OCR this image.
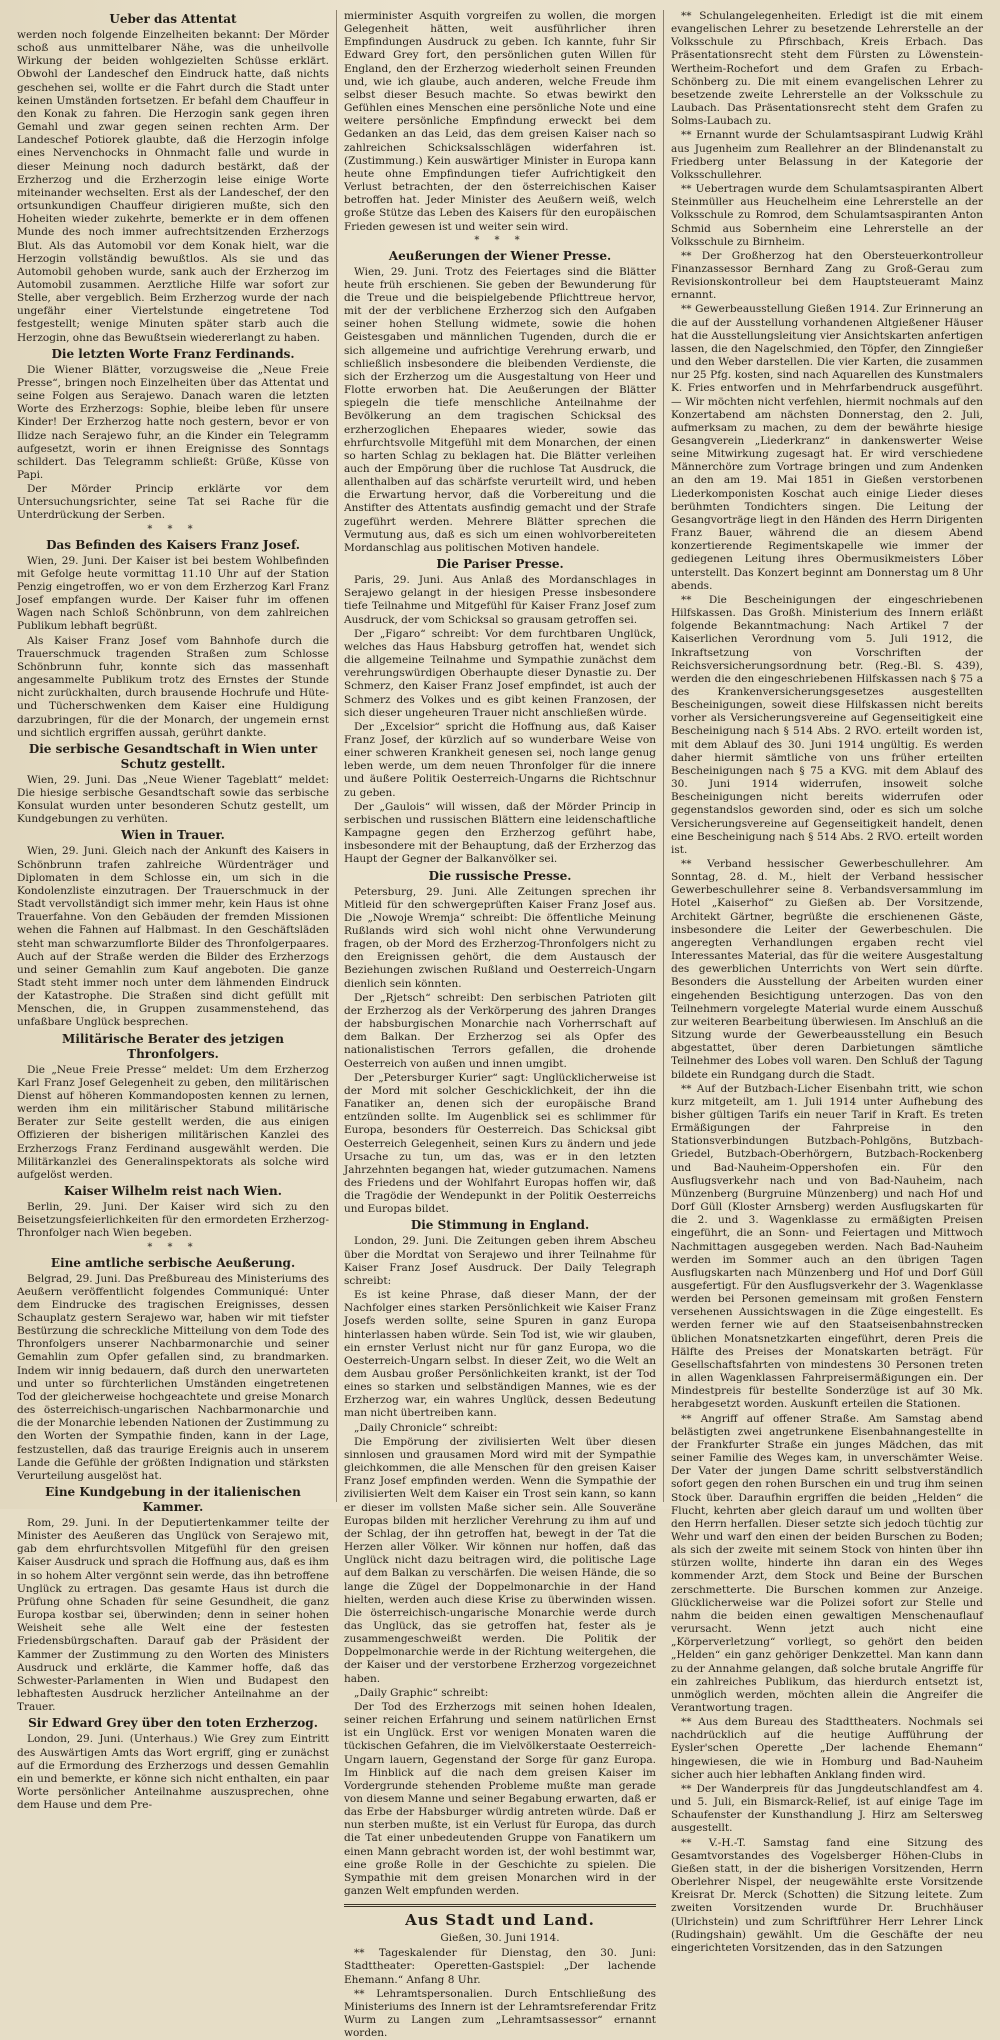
Ueber das Attentat

werden noch folgende Einzelheiten bekannt: Der Mörder schoß aus unmittelbarer Nähe, was die unheilvolle Wirkung der beiden wohlgezielten Schüsse erklärt. Obwohl der Landeschef den Eindruck hatte, daß nichts geschehen sei, wollte er die Fahrt durch die Stadt unter keinen Umständen fortsetzen. Er befahl dem Chauffeur in den Konak zu fahren. Die Herzogin sank gegen ihren Gemahl und zwar gegen seinen rechten Arm. Der Landeschef Potiorek glaubte, daß die Herzogin infolge eines Nervenchocks in Ohnmacht falle und wurde in dieser Meinung noch dadurch bestärkt, daß der Erzherzog und die Erzherzogin leise einige Worte miteinander wechselten. Erst als der Landeschef, der den ortsunkundigen Chauffeur dirigieren mußte, sich den Hoheiten wieder zukehrte, bemerkte er in dem offenen Munde des noch immer aufrechtsitzenden Erzherzogs Blut. Als das Automobil vor dem Konak hielt, war die Herzogin vollständig bewußtlos. Als sie und das Automobil gehoben wurde, sank auch der Erzherzog im Automobil zusammen. Aerztliche Hilfe war sofort zur Stelle, aber vergeblich. Beim Erzherzog wurde der nach ungefähr einer Viertelstunde eingetretene Tod festgestellt; wenige Minuten später starb auch die Herzogin, ohne das Bewußtsein wiedererlangt zu haben.

Die letzten Worte Franz Ferdinands.

Die Wiener Blätter, vorzugsweise die „Neue Freie Presse“, bringen noch Einzelheiten über das Attentat und seine Folgen aus Serajewo. Danach waren die letzten Worte des Erzherzogs: Sophie, bleibe leben für unsere Kinder! Der Erzherzog hatte noch gestern, bevor er von Ilidze nach Serajewo fuhr, an die Kinder ein Telegramm aufgesetzt, worin er ihnen Ereignisse des Sonntags schildert. Das Telegramm schließt: Grüße, Küsse von Papi.

Der Mörder Princip erklärte vor dem Untersuchungsrichter, seine Tat sei Rache für die Unterdrückung der Serben.

* * *
Das Befinden des Kaisers Franz Josef.

Wien, 29. Juni. Der Kaiser ist bei bestem Wohlbefinden mit Gefolge heute vormittag 11.10 Uhr auf der Station Penzig eingetroffen, wo er von dem Erzherzog Karl Franz Josef empfangen wurde. Der Kaiser fuhr im offenen Wagen nach Schloß Schönbrunn, von dem zahlreichen Publikum lebhaft begrüßt.

Als Kaiser Franz Josef vom Bahnhofe durch die Trauerschmuck tragenden Straßen zum Schlosse Schönbrunn fuhr, konnte sich das massenhaft angesammelte Publikum trotz des Ernstes der Stunde nicht zurückhalten, durch brausende Hochrufe und Hüte- und Tücherschwenken dem Kaiser eine Huldigung darzubringen, für die der Monarch, der ungemein ernst und sichtlich ergriffen aussah, gerührt dankte.

Die serbische Gesandtschaft in Wien unter Schutz gestellt.

Wien, 29. Juni. Das „Neue Wiener Tageblatt“ meldet: Die hiesige serbische Gesandtschaft sowie das serbische Konsulat wurden unter besonderen Schutz gestellt, um Kundgebungen zu verhüten.

Wien in Trauer.

Wien, 29. Juni. Gleich nach der Ankunft des Kaisers in Schönbrunn trafen zahlreiche Würdenträger und Diplomaten in dem Schlosse ein, um sich in die Kondolenzliste einzutragen. Der Trauerschmuck in der Stadt vervollständigt sich immer mehr, kein Haus ist ohne Trauerfahne. Von den Gebäuden der fremden Missionen wehen die Fahnen auf Halbmast. In den Geschäftsläden steht man schwarzumflorte Bilder des Thronfolgerpaares. Auch auf der Straße werden die Bilder des Erzherzogs und seiner Gemahlin zum Kauf angeboten. Die ganze Stadt steht immer noch unter dem lähmenden Eindruck der Katastrophe. Die Straßen sind dicht gefüllt mit Menschen, die, in Gruppen zusammenstehend, das unfaßbare Unglück besprechen.

Militärische Berater des jetzigen Thronfolgers.

Die „Neue Freie Presse“ meldet: Um dem Erzherzog Karl Franz Josef Gelegenheit zu geben, den militärischen Dienst auf höheren Kommandoposten kennen zu lernen, werden ihm ein militärischer Stabund militärische Berater zur Seite gestellt werden, die aus einigen Offizieren der bisherigen militärischen Kanzlei des Erzherzogs Franz Ferdinand ausgewählt werden. Die Militärkanzlei des Generalinspektorats als solche wird aufgelöst werden.

Kaiser Wilhelm reist nach Wien.

Berlin, 29. Juni. Der Kaiser wird sich zu den Beisetzungsfeierlichkeiten für den ermordeten Erzherzog-Thronfolger nach Wien begeben.

* * *
Eine amtliche serbische Aeußerung.

Belgrad, 29. Juni. Das Preßbureau des Ministeriums des Aeußern veröffentlicht folgendes Communiqué: Unter dem Eindrucke des tragischen Ereignisses, dessen Schauplatz gestern Serajewo war, haben wir mit tiefster Bestürzung die schreckliche Mitteilung von dem Tode des Thronfolgers unserer Nachbarmonarchie und seiner Gemahlin zum Opfer gefallen sind, zu brandmarken. Indem wir innig bedauern, daß durch den unerwarteten und unter so fürchterlichen Umständen eingetretenen Tod der gleicherweise hochgeachtete und greise Monarch des österreichisch-ungarischen Nachbarmonarchie und die der Monarchie lebenden Nationen der Zustimmung zu den Worten der Sympathie finden, kann in der Lage, festzustellen, daß das traurige Ereignis auch in unserem Lande die Gefühle der größten Indignation und stärksten Verurteilung ausgelöst hat.

Eine Kundgebung in der italienischen Kammer.

Rom, 29. Juni. In der Deputiertenkammer teilte der Minister des Aeußeren das Unglück von Serajewo mit, gab dem ehrfurchtsvollen Mitgefühl für den greisen Kaiser Ausdruck und sprach die Hoffnung aus, daß es ihm in so hohem Alter vergönnt sein werde, das ihn betroffene Unglück zu ertragen. Das gesamte Haus ist durch die Prüfung ohne Schaden für seine Gesundheit, die ganz Europa kostbar sei, überwinden; denn in seiner hohen Weisheit sehe alle Welt eine der festesten Friedensbürgschaften. Darauf gab der Präsident der Kammer der Zustimmung zu den Worten des Ministers Ausdruck und erklärte, die Kammer hoffe, daß das Schwester-Parlamenten in Wien und Budapest den lebhaftesten Ausdruck herzlicher Anteilnahme an der Trauer.

Sir Edward Grey über den toten Erzherzog.

London, 29. Juni. (Unterhaus.) Wie Grey zum Eintritt des Auswärtigen Amts das Wort ergriff, ging er zunächst auf die Ermordung des Erzherzogs und dessen Gemahlin ein und bemerkte, er könne sich nicht enthalten, ein paar Worte persönlicher Anteilnahme auszusprechen, ohne dem Hause und dem Pre-

mierminister Asquith vorgreifen zu wollen, die morgen Gelegenheit hätten, weit ausführlicher ihren Empfindungen Ausdruck zu geben. Ich kannte, fuhr Sir Edward Grey fort, den persönlichen guten Willen für England, den der Erzherzog wiederholt seinen Freunden und, wie ich glaube, auch anderen, welche Freude ihm selbst dieser Besuch machte. So etwas bewirkt den Gefühlen eines Menschen eine persönliche Note und eine weitere persönliche Empfindung erweckt bei dem Gedanken an das Leid, das dem greisen Kaiser nach so zahlreichen Schicksalsschlägen widerfahren ist. (Zustimmung.) Kein auswärtiger Minister in Europa kann heute ohne Empfindungen tiefer Aufrichtigkeit den Verlust betrachten, der den österreichischen Kaiser betroffen hat. Jeder Minister des Aeußern weiß, welch große Stütze das Leben des Kaisers für den europäischen Frieden gewesen ist und weiter sein wird.

* * *
Aeußerungen der Wiener Presse.

Wien, 29. Juni. Trotz des Feiertages sind die Blätter heute früh erschienen. Sie geben der Bewunderung für die Treue und die beispielgebende Pflichttreue hervor, mit der der verblichene Erzherzog sich den Aufgaben seiner hohen Stellung widmete, sowie die hohen Geistesgaben und männlichen Tugenden, durch die er sich allgemeine und aufrichtige Verehrung erwarb, und schließlich insbesondere die bleibenden Verdienste, die sich der Erzherzog um die Ausgestaltung von Heer und Flotte erworben hat. Die Aeußerungen der Blätter spiegeln die tiefe menschliche Anteilnahme der Bevölkerung an dem tragischen Schicksal des erzherzoglichen Ehepaares wieder, sowie das ehrfurchtsvolle Mitgefühl mit dem Monarchen, der einen so harten Schlag zu beklagen hat. Die Blätter verleihen auch der Empörung über die ruchlose Tat Ausdruck, die allenthalben auf das schärfste verurteilt wird, und heben die Erwartung hervor, daß die Vorbereitung und die Anstifter des Attentats ausfindig gemacht und der Strafe zugeführt werden. Mehrere Blätter sprechen die Vermutung aus, daß es sich um einen wohlvorbereiteten Mordanschlag aus politischen Motiven handele.

Die Pariser Presse.

Paris, 29. Juni. Aus Anlaß des Mordanschlages in Serajewo gelangt in der hiesigen Presse insbesondere tiefe Teilnahme und Mitgefühl für Kaiser Franz Josef zum Ausdruck, der vom Schicksal so grausam getroffen sei.

Der „Figaro“ schreibt: Vor dem furchtbaren Unglück, welches das Haus Habsburg getroffen hat, wendet sich die allgemeine Teilnahme und Sympathie zunächst dem verehrungswürdigen Oberhaupte dieser Dynastie zu. Der Schmerz, den Kaiser Franz Josef empfindet, ist auch der Schmerz des Volkes und es gibt keinen Franzosen, der sich dieser ungeheuren Trauer nicht anschließen würde.

Der „Excelsior“ spricht die Hoffnung aus, daß Kaiser Franz Josef, der kürzlich auf so wunderbare Weise von einer schweren Krankheit genesen sei, noch lange genug leben werde, um dem neuen Thronfolger für die innere und äußere Politik Oesterreich-Ungarns die Richtschnur zu geben.

Der „Gaulois“ will wissen, daß der Mörder Princip in serbischen und russischen Blättern eine leidenschaftliche Kampagne gegen den Erzherzog geführt habe, insbesondere mit der Behauptung, daß der Erzherzog das Haupt der Gegner der Balkanvölker sei.

Die russische Presse.

Petersburg, 29. Juni. Alle Zeitungen sprechen ihr Mitleid für den schwergeprüften Kaiser Franz Josef aus. Die „Nowoje Wremja“ schreibt: Die öffentliche Meinung Rußlands wird sich wohl nicht ohne Verwunderung fragen, ob der Mord des Erzherzog-Thronfolgers nicht zu den Ereignissen gehört, die dem Austausch der Beziehungen zwischen Rußland und Oesterreich-Ungarn dienlich sein könnten.

Der „Rjetsch“ schreibt: Den serbischen Patrioten gilt der Erzherzog als der Verkörperung des jahren Dranges der habsburgischen Monarchie nach Vorherrschaft auf dem Balkan. Der Erzherzog sei als Opfer des nationalistischen Terrors gefallen, die drohende Oesterreich von außen und innen umgibt.

Der „Petersburger Kurier“ sagt: Unglücklicherweise ist der Mord mit solcher Geschicklichkeit, der ihn die Fanatiker an, denen sich der europäische Brand entzünden sollte. Im Augenblick sei es schlimmer für Europa, besonders für Oesterreich. Das Schicksal gibt Oesterreich Gelegenheit, seinen Kurs zu ändern und jede Ursache zu tun, um das, was er in den letzten Jahrzehnten begangen hat, wieder gutzumachen. Namens des Friedens und der Wohlfahrt Europas hoffen wir, daß die Tragödie der Wendepunkt in der Politik Oesterreichs und Europas bildet.

Die Stimmung in England.

London, 29. Juni. Die Zeitungen geben ihrem Abscheu über die Mordtat von Serajewo und ihrer Teilnahme für Kaiser Franz Josef Ausdruck. Der Daily Telegraph schreibt:

Es ist keine Phrase, daß dieser Mann, der der Nachfolger eines starken Persönlichkeit wie Kaiser Franz Josefs werden sollte, seine Spuren in ganz Europa hinterlassen haben würde. Sein Tod ist, wie wir glauben, ein ernster Verlust nicht nur für ganz Europa, wo die Oesterreich-Ungarn selbst. In dieser Zeit, wo die Welt an dem Ausbau großer Persönlichkeiten krankt, ist der Tod eines so starken und selbständigen Mannes, wie es der Erzherzog war, ein wahres Unglück, dessen Bedeutung man nicht übertreiben kann.

„Daily Chronicle“ schreibt:

Die Empörung der zivilisierten Welt über diesen sinnlosen und grausamen Mord wird mit der Sympathie gleichkommen, die alle Menschen für den greisen Kaiser Franz Josef empfinden werden. Wenn die Sympathie der zivilisierten Welt dem Kaiser ein Trost sein kann, so kann er dieser im vollsten Maße sicher sein. Alle Souveräne Europas bilden mit herzlicher Verehrung zu ihm auf und der Schlag, der ihn getroffen hat, bewegt in der Tat die Herzen aller Völker. Wir können nur hoffen, daß das Unglück nicht dazu beitragen wird, die politische Lage auf dem Balkan zu verschärfen. Die weisen Hände, die so lange die Zügel der Doppelmonarchie in der Hand hielten, werden auch diese Krise zu überwinden wissen. Die österreichisch-ungarische Monarchie werde durch das Unglück, das sie getroffen hat, fester als je zusammengeschweißt werden. Die Politik der Doppelmonarchie werde in der Richtung weitergehen, die der Kaiser und der verstorbene Erzherzog vorgezeichnet haben.

„Daily Graphic“ schreibt:

Der Tod des Erzherzogs mit seinen hohen Idealen, seiner reichen Erfahrung und seinem natürlichen Ernst ist ein Unglück. Erst vor wenigen Monaten waren die tückischen Gefahren, die im Vielvölkerstaate Oesterreich-Ungarn lauern, Gegenstand der Sorge für ganz Europa. Im Hinblick auf die nach dem greisen Kaiser im Vordergrunde stehenden Probleme mußte man gerade von diesem Manne und seiner Begabung erwarten, daß er das Erbe der Habsburger würdig antreten würde. Daß er nun sterben mußte, ist ein Verlust für Europa, das durch die Tat einer unbedeutenden Gruppe von Fanatikern um einen Mann gebracht worden ist, der wohl bestimmt war, eine große Rolle in der Geschichte zu spielen. Die Sympathie mit dem greisen Monarchen wird in der ganzen Welt empfunden werden.

Aus Stadt und Land.
Gießen, 30. Juni 1914.

** Tageskalender für Dienstag, den 30. Juni: Stadttheater: Operetten-Gastspiel: „Der lachende Ehemann.“ Anfang 8 Uhr.

** Lehramtspersonalien. Durch Entschließung des Ministeriums des Innern ist der Lehramtsreferendar Fritz Wurm zu Langen zum „Lehramtsassessor“ ernannt worden.

** Schulangelegenheiten. Erledigt ist die mit einem evangelischen Lehrer zu besetzende Lehrerstelle an der Volksschule zu Pfirschbach, Kreis Erbach. Das Präsentationsrecht steht dem Fürsten zu Löwenstein-Wertheim-Rochefort und dem Grafen zu Erbach-Schönberg zu. Die mit einem evangelischen Lehrer zu besetzende zweite Lehrerstelle an der Volksschule zu Laubach. Das Präsentationsrecht steht dem Grafen zu Solms-Laubach zu.

** Ernannt wurde der Schulamtsaspirant Ludwig Krähl aus Jugenheim zum Reallehrer an der Blindenanstalt zu Friedberg unter Belassung in der Kategorie der Volksschullehrer.

** Uebertragen wurde dem Schulamtsaspiranten Albert Steinmüller aus Heuchelheim eine Lehrerstelle an der Volksschule zu Romrod, dem Schulamtsaspiranten Anton Schmid aus Sobernheim eine Lehrerstelle an der Volksschule zu Birnheim.

** Der Großherzog hat den Obersteuerkontrolleur Finanzassessor Bernhard Zang zu Groß-Gerau zum Revisionskontrolleur bei dem Hauptsteueramt Mainz ernannt.

** Gewerbeausstellung Gießen 1914. Zur Erinnerung an die auf der Ausstellung vorhandenen Altgießener Häuser hat die Ausstellungsleitung vier Ansichtskarten anfertigen lassen, die den Nagelschmied, den Töpfer, den Zinngießer und den Weber darstellen. Die vier Karten, die zusammen nur 25 Pfg. kosten, sind nach Aquarellen des Kunstmalers K. Fries entworfen und in Mehrfarbendruck ausgeführt. — Wir möchten nicht verfehlen, hiermit nochmals auf den Konzertabend am nächsten Donnerstag, den 2. Juli, aufmerksam zu machen, zu dem der bewährte hiesige Gesangverein „Liederkranz“ in dankenswerter Weise seine Mitwirkung zugesagt hat. Er wird verschiedene Männerchöre zum Vortrage bringen und zum Andenken an den am 19. Mai 1851 in Gießen verstorbenen Liederkomponisten Koschat auch einige Lieder dieses berühmten Tondichters singen. Die Leitung der Gesangvorträge liegt in den Händen des Herrn Dirigenten Franz Bauer, während die an diesem Abend konzertierende Regimentskapelle wie immer der gediegenen Leitung ihres Obermusikmeisters Löber unterstellt. Das Konzert beginnt am Donnerstag um 8 Uhr abends.

** Die Bescheinigungen der eingeschriebenen Hilfskassen. Das Großh. Ministerium des Innern erläßt folgende Bekanntmachung: Nach Artikel 7 der Kaiserlichen Verordnung vom 5. Juli 1912, die Inkraftsetzung von Vorschriften der Reichsversicherungsordnung betr. (Reg.-Bl. S. 439), werden die den eingeschriebenen Hilfskassen nach § 75 a des Krankenversicherungsgesetzes ausgestellten Bescheinigungen, soweit diese Hilfskassen nicht bereits vorher als Versicherungsvereine auf Gegenseitigkeit eine Bescheinigung nach § 514 Abs. 2 RVO. erteilt worden ist, mit dem Ablauf des 30. Juni 1914 ungültig. Es werden daher hiermit sämtliche von uns früher erteilten Bescheinigungen nach § 75 a KVG. mit dem Ablauf des 30. Juni 1914 widerrufen, insoweit solche Bescheinigungen nicht bereits widerrufen oder gegenstandslos geworden sind, oder es sich um solche Versicherungsvereine auf Gegenseitigkeit handelt, denen eine Bescheinigung nach § 514 Abs. 2 RVO. erteilt worden ist.

** Verband hessischer Gewerbeschullehrer. Am Sonntag, 28. d. M., hielt der Verband hessischer Gewerbeschullehrer seine 8. Verbandsversammlung im Hotel „Kaiserhof“ zu Gießen ab. Der Vorsitzende, Architekt Gärtner, begrüßte die erschienenen Gäste, insbesondere die Leiter der Gewerbeschulen. Die angeregten Verhandlungen ergaben recht viel Interessantes Material, das für die weitere Ausgestaltung des gewerblichen Unterrichts von Wert sein dürfte. Besonders die Ausstellung der Arbeiten wurden einer eingehenden Besichtigung unterzogen. Das von den Teilnehmern vorgelegte Material wurde einem Ausschuß zur weiteren Bearbeitung überwiesen. Im Anschluß an die Sitzung wurde der Gewerbeausstellung ein Besuch abgestattet, über deren Darbietungen sämtliche Teilnehmer des Lobes voll waren. Den Schluß der Tagung bildete ein Rundgang durch die Stadt.

** Auf der Butzbach-Licher Eisenbahn tritt, wie schon kurz mitgeteilt, am 1. Juli 1914 unter Aufhebung des bisher gültigen Tarifs ein neuer Tarif in Kraft. Es treten Ermäßigungen der Fahrpreise in den Stationsverbindungen Butzbach-Pohlgöns, Butzbach-Griedel, Butzbach-Oberhörgern, Butzbach-Rockenberg und Bad-Nauheim-Oppershofen ein. Für den Ausflugsverkehr nach und von Bad-Nauheim, nach Münzenberg (Burgruine Münzenberg) und nach Hof und Dorf Güll (Kloster Arnsberg) werden Ausflugskarten für die 2. und 3. Wagenklasse zu ermäßigten Preisen eingeführt, die an Sonn- und Feiertagen und Mittwoch Nachmittagen ausgegeben werden. Nach Bad-Nauheim werden im Sommer auch an den übrigen Tagen Ausflugskarten nach Münzenberg und Hof und Dorf Güll ausgefertigt. Für den Ausflugsverkehr der 3. Wagenklasse werden bei Personen gemeinsam mit großen Fenstern versehenen Aussichtswagen in die Züge eingestellt. Es werden ferner wie auf den Staatseisenbahnstrecken üblichen Monatsnetzkarten eingeführt, deren Preis die Hälfte des Preises der Monatskarten beträgt. Für Gesellschaftsfahrten von mindestens 30 Personen treten in allen Wagenklassen Fahrpreisermäßigungen ein. Der Mindestpreis für bestellte Sonderzüge ist auf 30 Mk. herabgesetzt worden. Auskunft erteilen die Stationen.

** Angriff auf offener Straße. Am Samstag abend belästigten zwei angetrunkene Eisenbahnangestellte in der Frankfurter Straße ein junges Mädchen, das mit seiner Familie des Weges kam, in unverschämter Weise. Der Vater der jungen Dame schritt selbstverständlich sofort gegen den rohen Burschen ein und trug ihm seinen Stock über. Daraufhin ergriffen die beiden „Helden“ die Flucht, kehrten aber gleich darauf um und wollten über den Herrn herfallen. Dieser setzte sich jedoch tüchtig zur Wehr und warf den einen der beiden Burschen zu Boden; als sich der zweite mit seinem Stock von hinten über ihn stürzen wollte, hinderte ihn daran ein des Weges kommender Arzt, dem Stock und Beine der Burschen zerschmetterte. Die Burschen kommen zur Anzeige. Glücklicherweise war die Polizei sofort zur Stelle und nahm die beiden einen gewaltigen Menschenauflauf verursacht. Wenn jetzt auch nicht eine „Körperverletzung“ vorliegt, so gehört den beiden „Helden“ ein ganz gehöriger Denkzettel. Man kann dann zu der Annahme gelangen, daß solche brutale Angriffe für ein zahlreiches Publikum, das hierdurch entsetzt ist, unmöglich werden, möchten allein die Angreifer die Verantwortung tragen.

** Aus dem Bureau des Stadttheaters. Nochmals sei nachdrücklich auf die heutige Aufführung der Eysler'schen Operette „Der lachende Ehemann“ hingewiesen, die wie in Homburg und Bad-Nauheim sicher auch hier lebhaften Anklang finden wird.

** Der Wanderpreis für das Jungdeutschlandfest am 4. und 5. Juli, ein Bismarck-Relief, ist auf einige Tage im Schaufenster der Kunsthandlung J. Hirz am Seltersweg ausgestellt.

** V.-H.-T. Samstag fand eine Sitzung des Gesamtvorstandes des Vogelsberger Höhen-Clubs in Gießen statt, in der die bisherigen Vorsitzenden, Herrn Oberlehrer Nispel, der neugewählte erste Vorsitzende Kreisrat Dr. Merck (Schotten) die Sitzung leitete. Zum zweiten Vorsitzenden wurde Dr. Bruchhäuser (Ulrichstein) und zum Schriftführer Herr Lehrer Linck (Rudingshain) gewählt. Um die Geschäfte der neu eingerichteten Vorsitzenden, das in den Satzungen
